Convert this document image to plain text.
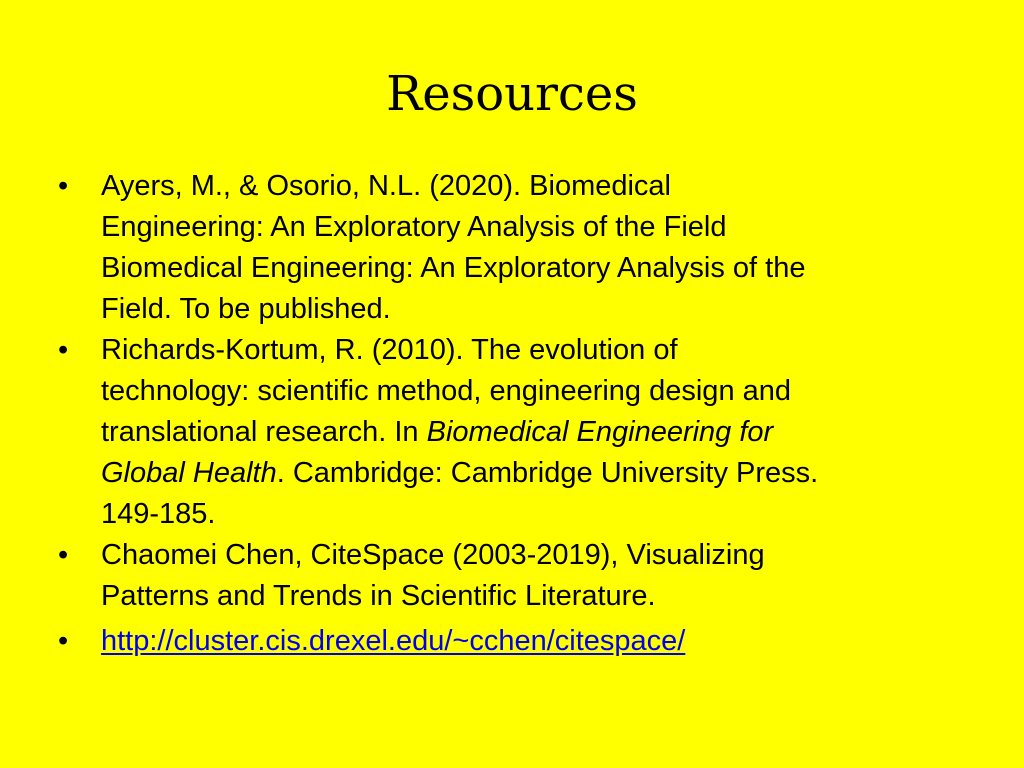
Resources
•	Ayers, M., & Osorio, N.L. (2020). Biomedical
Engineering: An Exploratory Analysis of the Field
Biomedical Engineering: An Exploratory Analysis of the
Field. To be published.
•	Richards-Kortum, R. (2010). The evolution of
technology: scientific method, engineering design and
translational research. In Biomedical Engineering for
Global Health. Cambridge: Cambridge University Press.
149-185.
•	Chaomei Chen, CiteSpace (2003-2019), Visualizing
Patterns and Trends in Scientific Literature.
•	http://cluster.cis.drexel.edu/~cchen/citespace/
